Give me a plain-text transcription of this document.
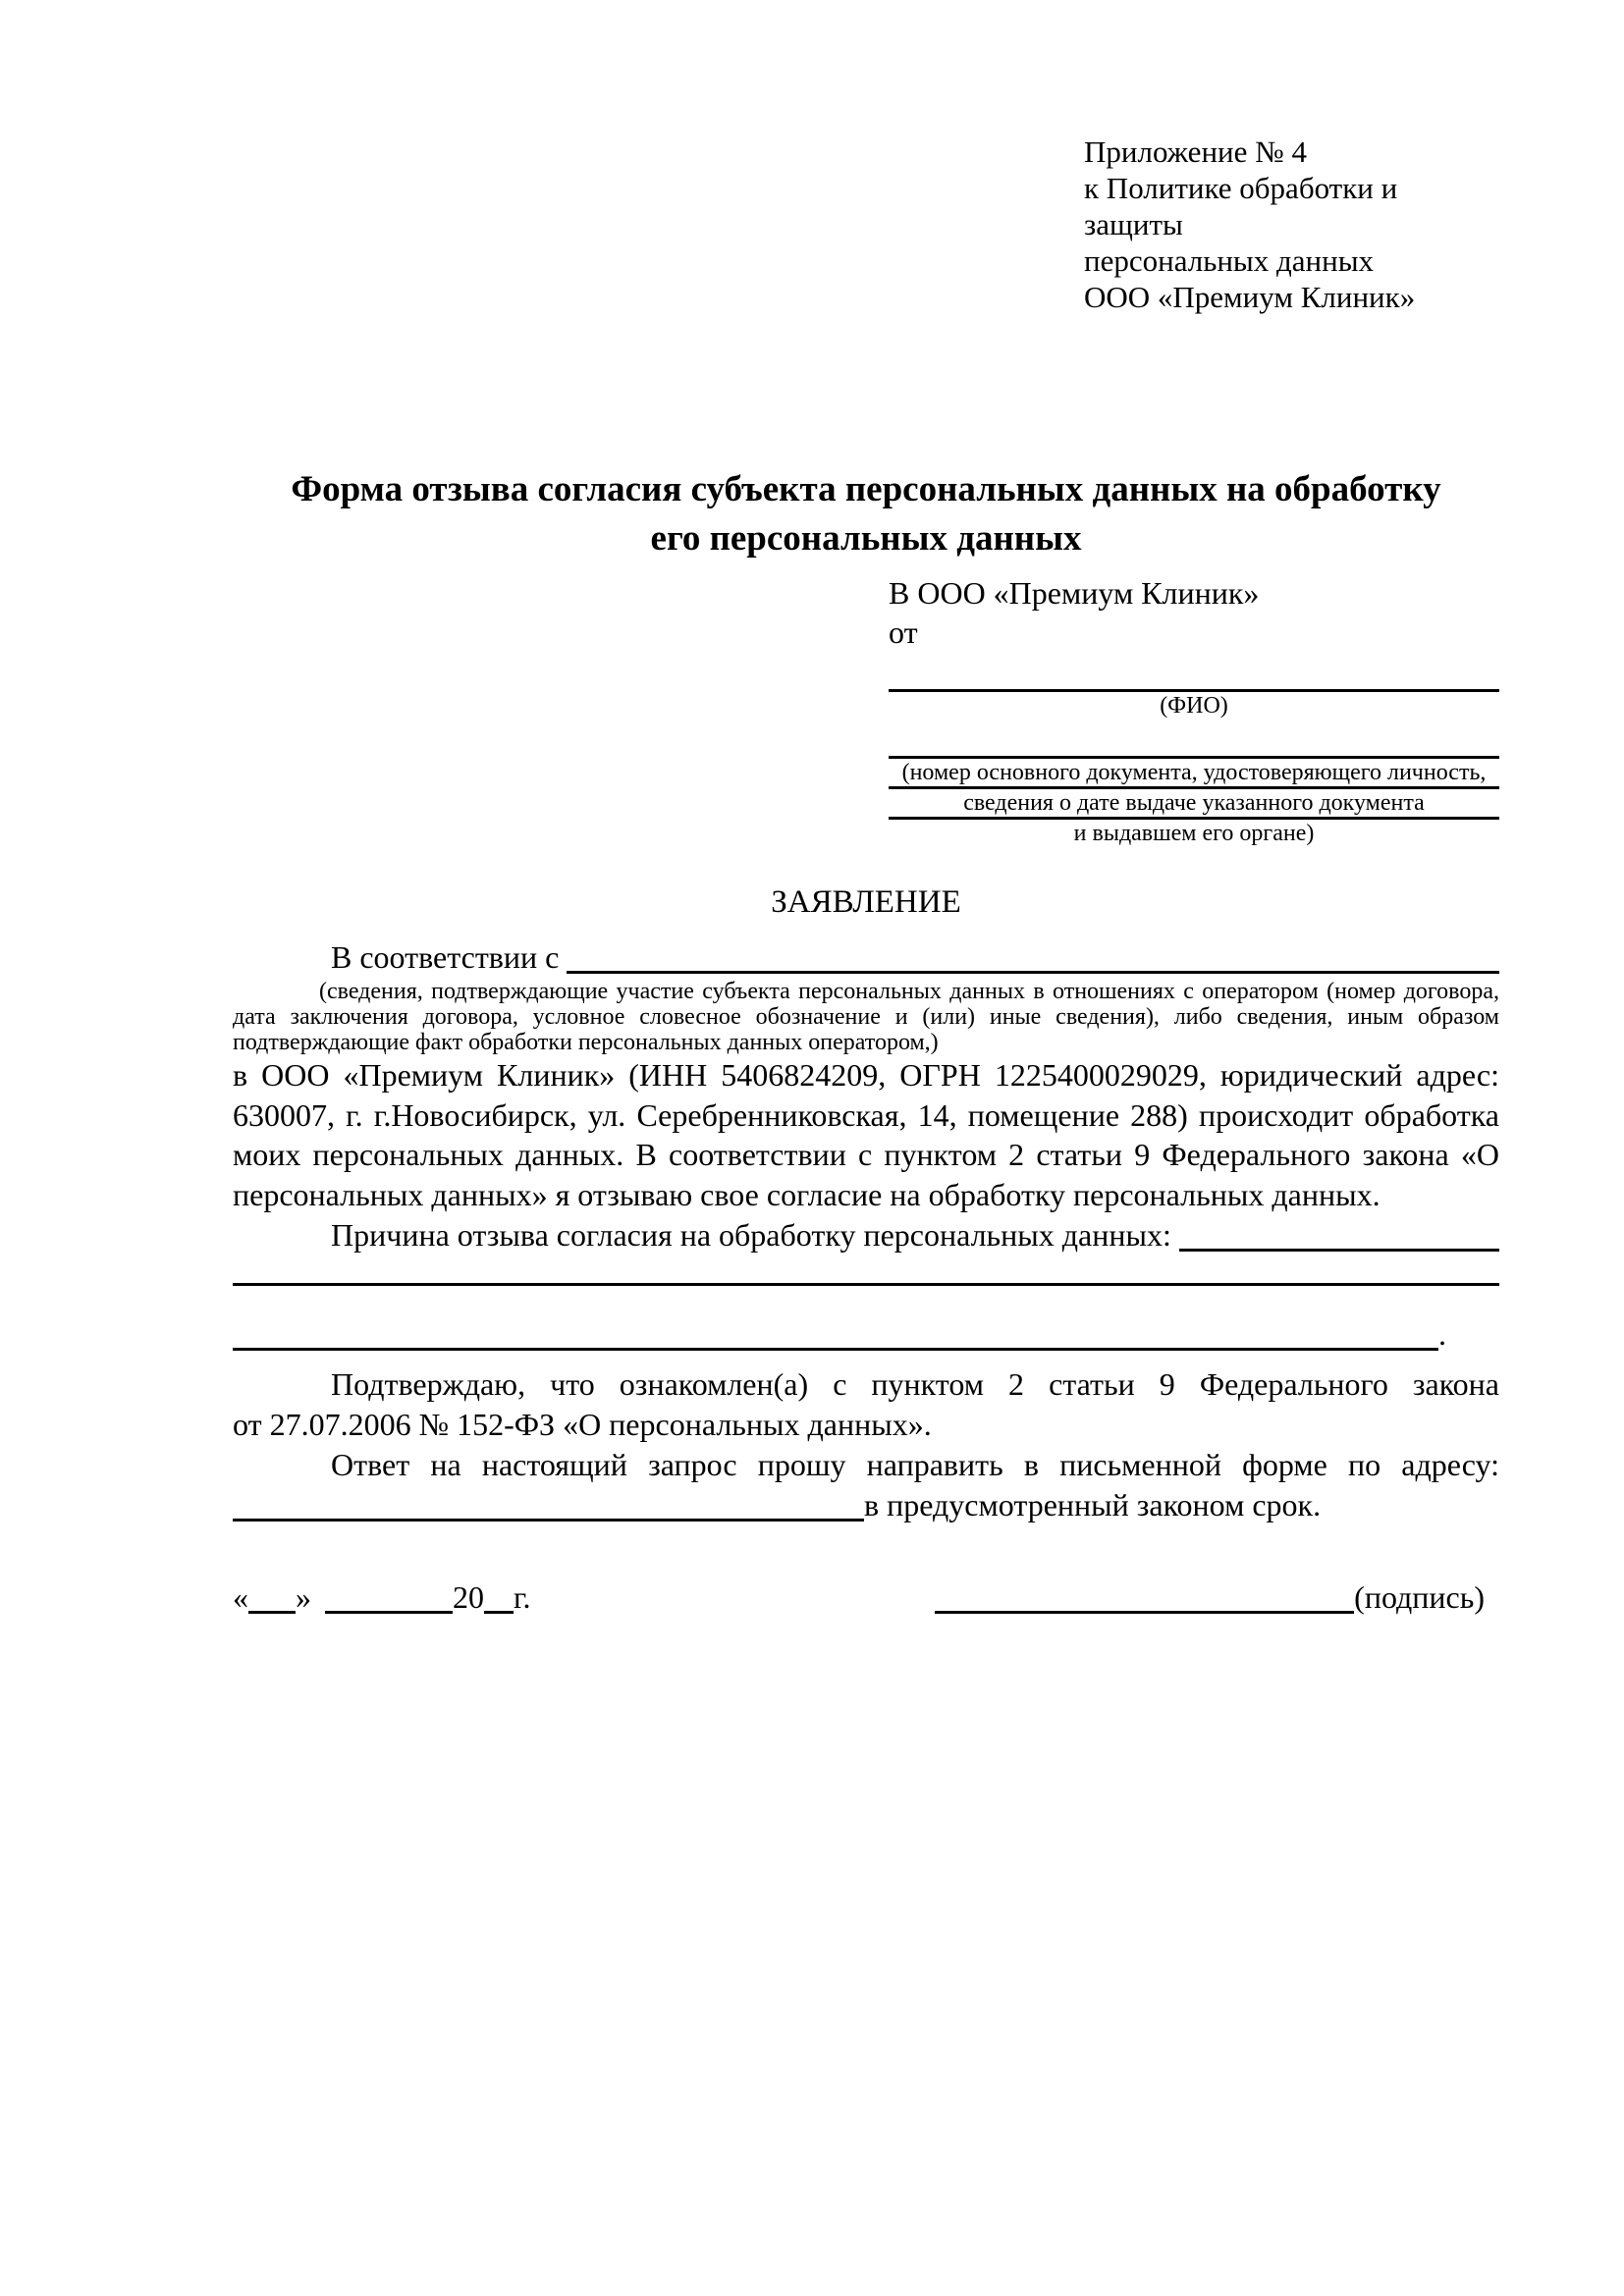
Приложение № 4
к Политике обработки и защиты
персональных данных
ООО «Премиум Клиник»
Форма отзыва согласия субъекта персональных данных на обработку
его персональных данных
В ООО «Премиум Клиник»
от
(ФИО)
(номер основного документа, удостоверяющего личность,
сведения о дате выдаче указанного документа
и выдавшем его органе)
ЗАЯВЛЕНИЕ
В соответствии с
(сведения, подтверждающие участие субъекта персональных данных в отношениях с оператором (номер договора, дата заключения договора, условное словесное обозначение и (или) иные сведения), либо сведения, иным образом подтверждающие факт обработки персональных данных оператором,)
в ООО «Премиум Клиник» (ИНН 5406824209, ОГРН 1225400029029, юридический адрес: 630007, г. г.Новосибирск, ул. Серебренниковская, 14, помещение 288) происходит обработка моих персональных данных. В соответствии с пунктом 2 статьи 9 Федерального закона «О персональных данных» я отзываю свое согласие на обработку персональных данных.
Причина отзыва согласия на обработку персональных данных:
.
Подтверждаю, что ознакомлен(а) с пунктом 2 статьи 9 Федерального закона
от 27.07.2006 № 152-ФЗ «О персональных данных».
Ответ на настоящий запрос прошу направить в письменной форме по адресу:
в предусмотренный законом срок.
« »	20 г.	(подпись)
